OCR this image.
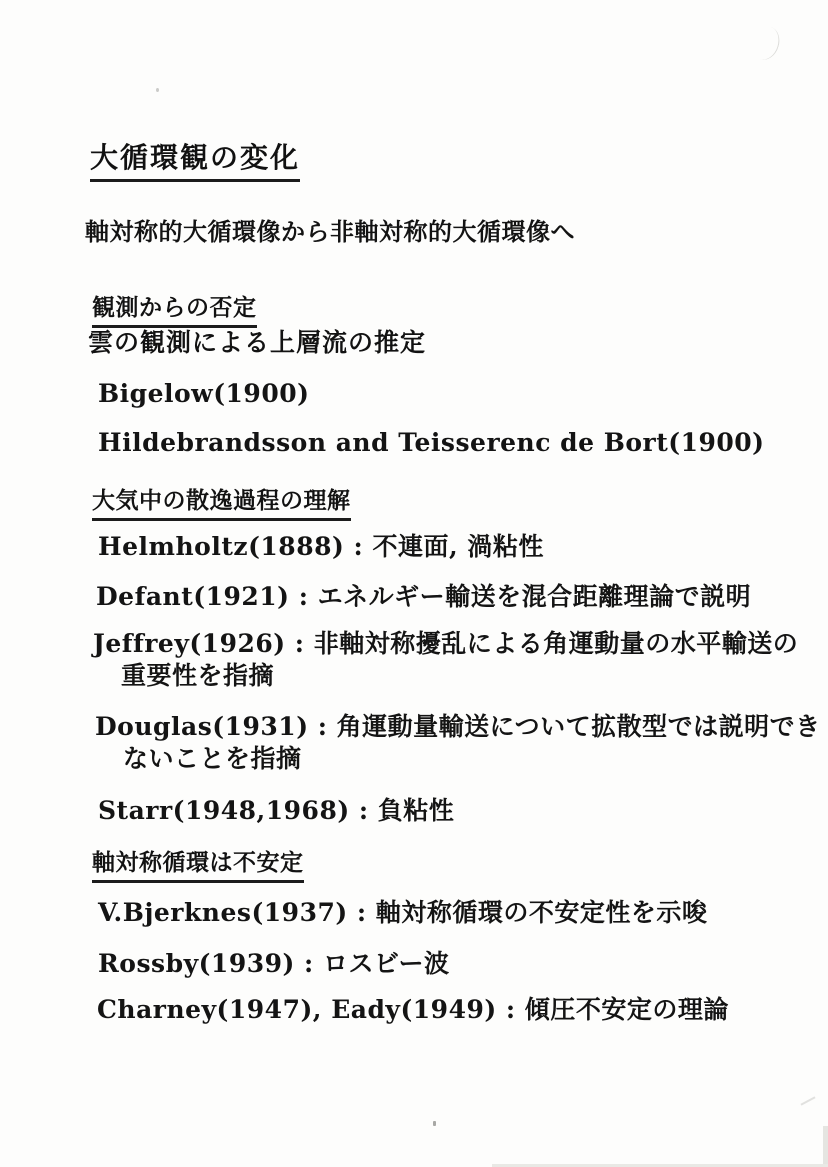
大循環観の変化
軸対称的大循環像から非軸対称的大循環像へ
観測からの否定
雲の観測による上層流の推定
Bigelow(1900)
Hildebrandsson and Teisserenc de Bort(1900)
大気中の散逸過程の理解
Helmholtz(1888) : 不連面, 渦粘性
Defant(1921) : エネルギー輸送を混合距離理論で説明
Jeffrey(1926) : 非軸対称擾乱による角運動量の水平輸送の
重要性を指摘
Douglas(1931) : 角運動量輸送について拡散型では説明でき
ないことを指摘
Starr(1948,1968) : 負粘性
軸対称循環は不安定
V.Bjerknes(1937) : 軸対称循環の不安定性を示唆
Rossby(1939) : ロスビー波
Charney(1947), Eady(1949) : 傾圧不安定の理論
